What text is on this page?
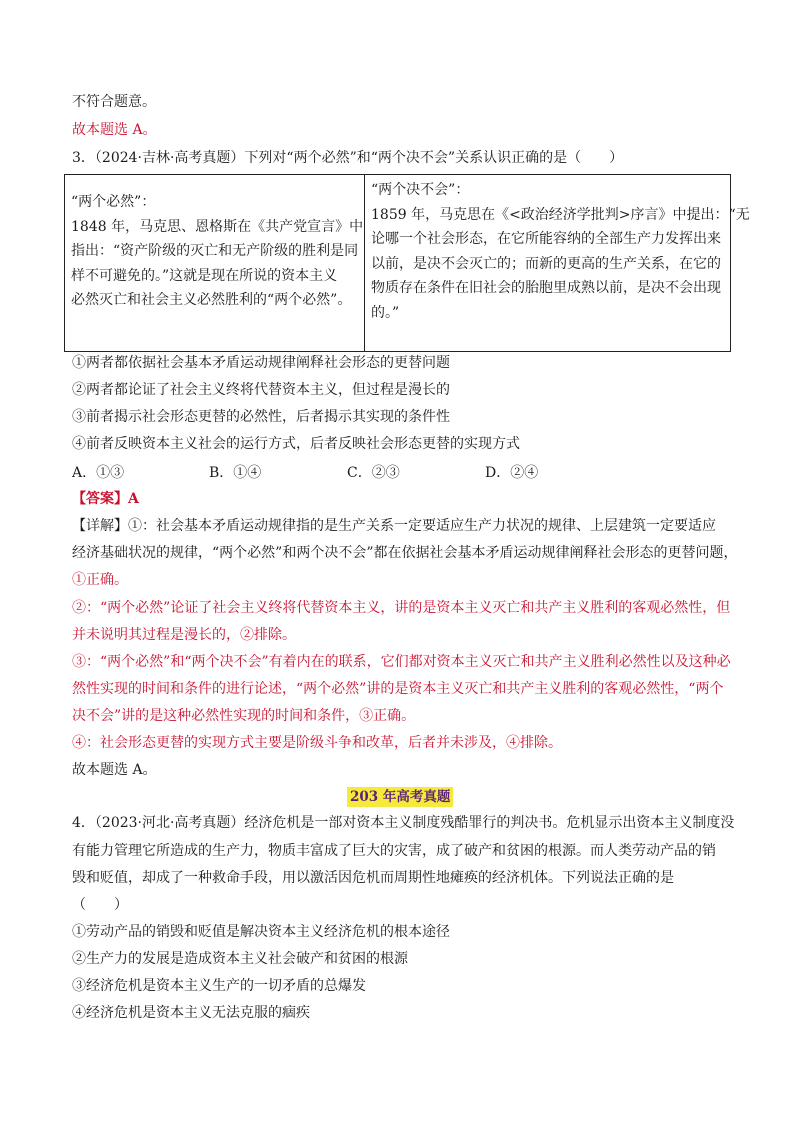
不符合题意。
故本题选 A。
3．（2024·吉林·高考真题）下列对“两个必然”和“两个决不会”关系认识正确的是（　　）
“两个必然”：
1848 年，马克思、恩格斯在《共产党宣言》中
指出：“资产阶级的灭亡和无产阶级的胜利是同
样不可避免的。”这就是现在所说的资本主义
必然灭亡和社会主义必然胜利的“两个必然”。

“两个决不会”：
1859 年，马克思在《<政治经济学批判>序言》中提出：“无
论哪一个社会形态，在它所能容纳的全部生产力发挥出来
以前，是决不会灭亡的；而新的更高的生产关系，在它的
物质存在条件在旧社会的胎胞里成熟以前，是决不会出现
的。”
①两者都依据社会基本矛盾运动规律阐释社会形态的更替问题
②两者都论证了社会主义终将代替资本主义，但过程是漫长的
③前者揭示社会形态更替的必然性，后者揭示其实现的条件性
④前者反映资本主义社会的运行方式，后者反映社会形态更替的实现方式
A．①③	B．①④	C．②③	D．②④
【答案】A
【详解】①：社会基本矛盾运动规律指的是生产关系一定要适应生产力状况的规律、上层建筑一定要适应
经济基础状况的规律，“两个必然”和两个决不会”都在依据社会基本矛盾运动规律阐释社会形态的更替问题，
①正确。
②：“两个必然”论证了社会主义终将代替资本主义，讲的是资本主义灭亡和共产主义胜利的客观必然性，但
并未说明其过程是漫长的，②排除。
③：“两个必然”和“两个决不会”有着内在的联系，它们都对资本主义灭亡和共产主义胜利必然性以及这种必
然性实现的时间和条件的进行论述，“两个必然”讲的是资本主义灭亡和共产主义胜利的客观必然性，“两个
决不会”讲的是这种必然性实现的时间和条件，③正确。
④：社会形态更替的实现方式主要是阶级斗争和改革，后者并未涉及，④排除。
故本题选 A。
203 年高考真题
4．（2023·河北·高考真题）经济危机是一部对资本主义制度残酷罪行的判决书。危机显示出资本主义制度没
有能力管理它所造成的生产力，物质丰富成了巨大的灾害，成了破产和贫困的根源。而人类劳动产品的销
毁和贬值，却成了一种救命手段，用以激活因危机而周期性地瘫痪的经济机体。下列说法正确的是
（　　）
①劳动产品的销毁和贬值是解决资本主义经济危机的根本途径
②生产力的发展是造成资本主义社会破产和贫困的根源
③经济危机是资本主义生产的一切矛盾的总爆发
④经济危机是资本主义无法克服的痼疾
